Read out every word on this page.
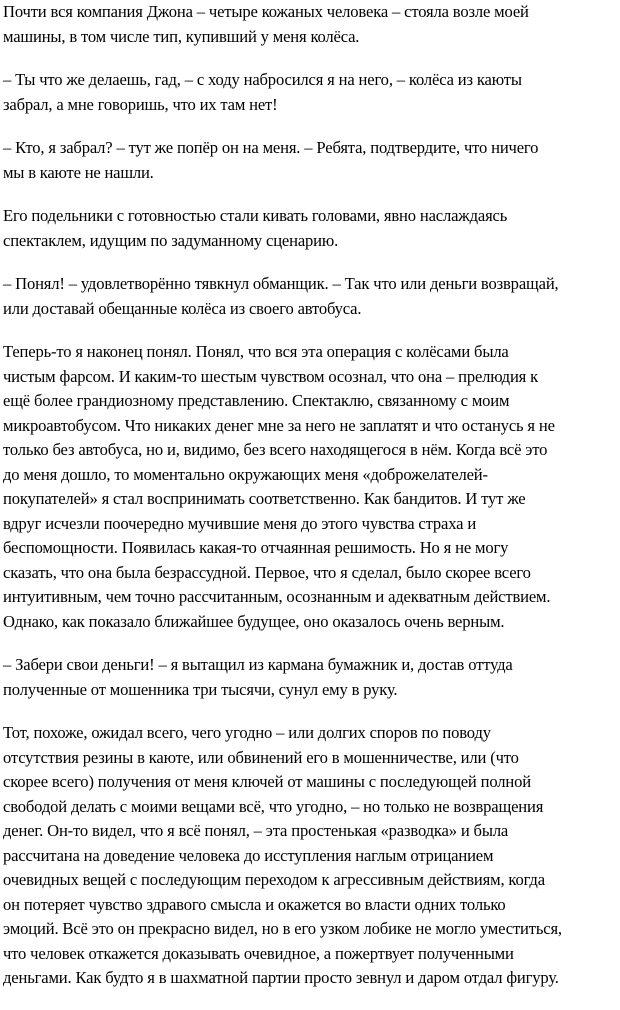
Почти вся компания Джона – четыре кожаных человека – стояла возле моей
машины, в том числе тип, купивший у меня колёса.

– Ты что же делаешь, гад, – с ходу набросился я на него, – колёса из каюты
забрал, а мне говоришь, что их там нет!

– Кто, я забрал? – тут же попёр он на меня. – Ребята, подтвердите, что ничего
мы в каюте не нашли.

Его подельники с готовностью стали кивать головами, явно наслаждаясь
спектаклем, идущим по задуманному сценарию.

– Понял! – удовлетворённо тявкнул обманщик. – Так что или деньги возвращай,
или доставай обещанные колёса из своего автобуса.

Теперь-то я наконец понял. Понял, что вся эта операция с колёсами была
чистым фарсом. И каким-то шестым чувством осознал, что она – прелюдия к
ещё более грандиозному представлению. Спектаклю, связанному с моим
микроавтобусом. Что никаких денег мне за него не заплатят и что останусь я не
только без автобуса, но и, видимо, без всего находящегося в нём. Когда всё это
до меня дошло, то моментально окружающих меня «доброжелателей-
покупателей» я стал воспринимать соответственно. Как бандитов. И тут же
вдруг исчезли поочередно мучившие меня до этого чувства страха и
беспомощности. Появилась какая-то отчаянная решимость. Но я не могу
сказать, что она была безрассудной. Первое, что я сделал, было скорее всего
интуитивным, чем точно рассчитанным, осознанным и адекватным действием.
Однако, как показало ближайшее будущее, оно оказалось очень верным.

– Забери свои деньги! – я вытащил из кармана бумажник и, достав оттуда
полученные от мошенника три тысячи, сунул ему в руку.

Тот, похоже, ожидал всего, чего угодно – или долгих споров по поводу
отсутствия резины в каюте, или обвинений его в мошенничестве, или (что
скорее всего) получения от меня ключей от машины с последующей полной
свободой делать с моими вещами всё, что угодно, – но только не возвращения
денег. Он-то видел, что я всё понял, – эта простенькая «разводка» и была
рассчитана на доведение человека до исступления наглым отрицанием
очевидных вещей с последующим переходом к агрессивным действиям, когда
он потеряет чувство здравого смысла и окажется во власти одних только
эмоций. Всё это он прекрасно видел, но в его узком лобике не могло уместиться,
что человек откажется доказывать очевидное, а пожертвует полученными
деньгами. Как будто я в шахматной партии просто зевнул и даром отдал фигуру.
